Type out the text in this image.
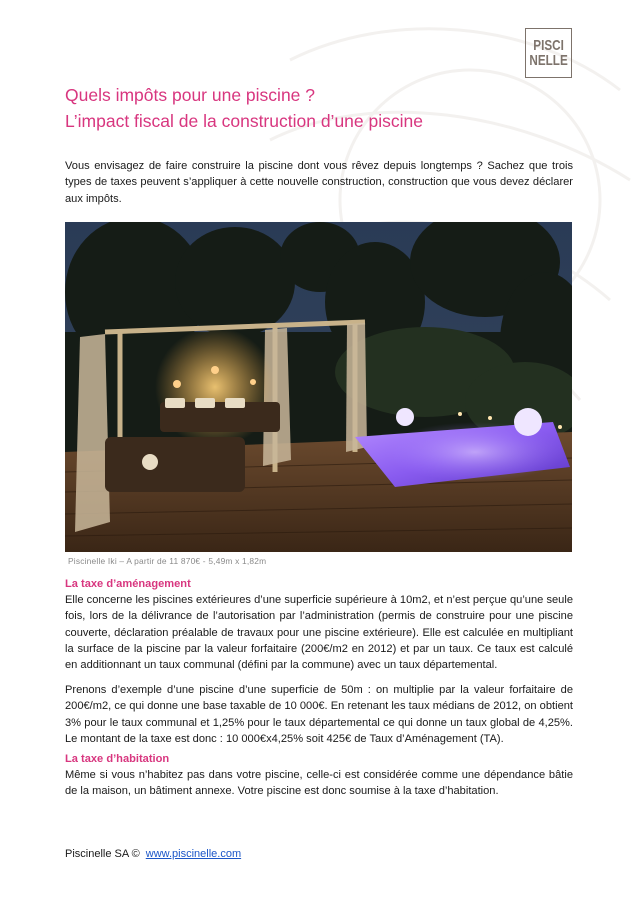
PISCI
NELLE
Quels impôts pour une piscine ?
L’impact fiscal de la construction d’une piscine
Vous envisagez de faire construire la piscine dont vous rêvez depuis longtemps ? Sachez que trois types de taxes peuvent s’appliquer à cette nouvelle construction, construction que vous devez déclarer aux impôts.
Piscinelle Iki – A partir de 11 870€ - 5,49m x 1,82m
La taxe d’aménagement
Elle concerne les piscines extérieures d’une superficie supérieure à 10m2, et n’est perçue qu’une seule fois, lors de la délivrance de l’autorisation par l’administration (permis de construire pour une piscine couverte, déclaration préalable de travaux pour une piscine extérieure). Elle est calculée en multipliant la surface de la piscine par la valeur forfaitaire (200€/m2 en 2012) et par un taux. Ce taux est calculé en additionnant un taux communal (défini par la commune) avec un taux départemental.
Prenons d’exemple d’une piscine d’une superficie de 50m : on multiplie par la valeur forfaitaire de 200€/m2, ce qui donne une base taxable de 10 000€. En retenant les taux médians de 2012, on obtient 3% pour le taux communal et 1,25% pour le taux départemental ce qui donne un taux global de 4,25%. Le montant de la taxe est donc : 10 000€x4,25% soit 425€ de Taux d’Aménagement (TA).
La taxe d’habitation
Même si vous n’habitez pas dans votre piscine, celle-ci est considérée comme une dépendance bâtie de la maison, un bâtiment annexe. Votre piscine est donc soumise à la taxe d’habitation.
Piscinelle SA © www.piscinelle.com
